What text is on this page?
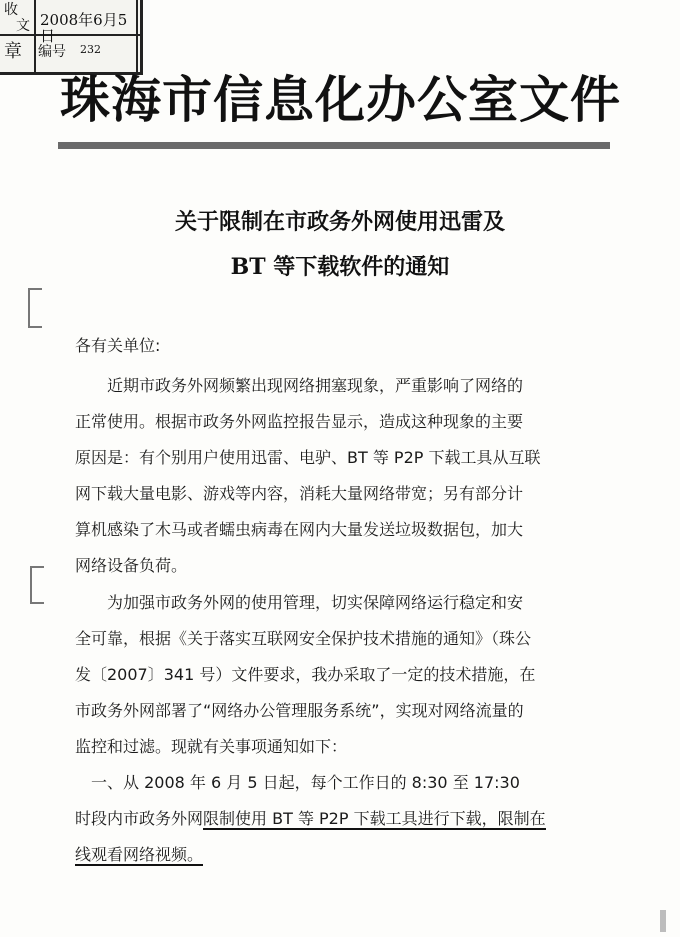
收
文
章
2008年6月5日
编号 232
珠海市信息化办公室文件
关于限制在市政务外网使用迅雷及
BT 等下载软件的通知
各有关单位:
近期市政务外网频繁出现网络拥塞现象，严重影响了网络的
正常使用。根据市政务外网监控报告显示，造成这种现象的主要
原因是：有个别用户使用迅雷、电驴、BT 等 P2P 下载工具从互联
网下载大量电影、游戏等内容，消耗大量网络带宽；另有部分计
算机感染了木马或者蠕虫病毒在网内大量发送垃圾数据包，加大
网络设备负荷。
为加强市政务外网的使用管理，切实保障网络运行稳定和安
全可靠，根据《关于落实互联网安全保护技术措施的通知》（珠公
发〔2007〕341 号）文件要求，我办采取了一定的技术措施，在
市政务外网部署了“网络办公管理服务系统”，实现对网络流量的
监控和过滤。现就有关事项通知如下：
一、从 2008 年 6 月 5 日起，每个工作日的 8:30 至 17:30
时段内市政务外网限制使用 BT 等 P2P 下载工具进行下载，限制在
线观看网络视频。
